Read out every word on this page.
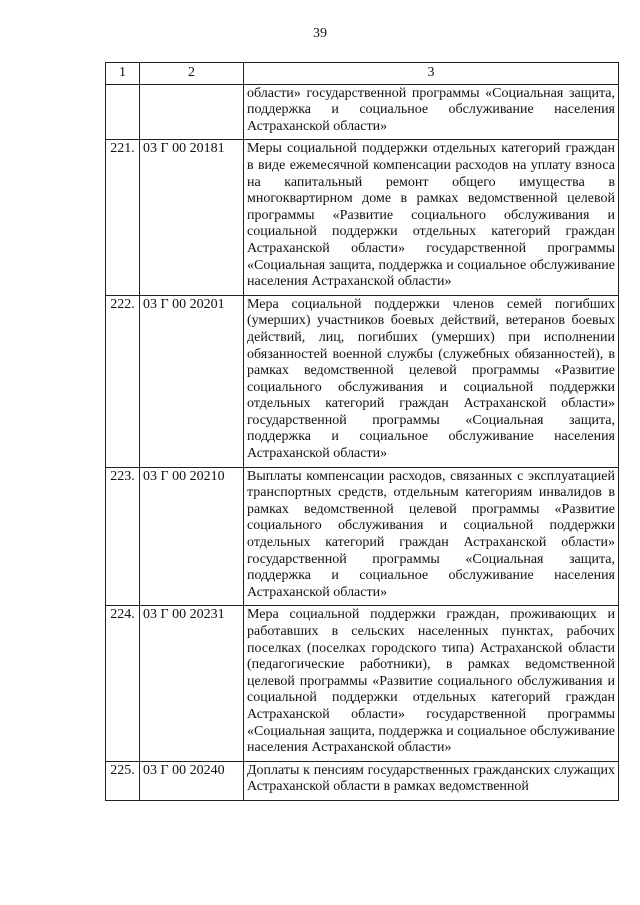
39
1	2	3
		области» государственной программы «Социальная защита, поддержка и социальное обслуживание населения Астраханской области»
221.	03 Г 00 20181	Меры социальной поддержки отдельных категорий граждан в виде ежемесячной компенсации расходов на уплату взноса на капитальный ремонт общего имущества в многоквартирном доме в рамках ведомственной целевой программы «Развитие социального обслуживания и социальной поддержки отдельных категорий граждан Астраханской области» государственной программы «Социальная защита, поддержка и социальное обслуживание населения Астраханской области»
222.	03 Г 00 20201	Мера социальной поддержки членов семей погибших (умерших) участников боевых действий, ветеранов боевых действий, лиц, погибших (умерших) при исполнении обязанностей военной службы (служебных обязанностей), в рамках ведомственной целевой программы «Развитие социального обслуживания и социальной поддержки отдельных категорий граждан Астраханской области» государственной программы «Социальная защита, поддержка и социальное обслуживание населения Астраханской области»
223.	03 Г 00 20210	Выплаты компенсации расходов, связанных с эксплуатацией транспортных средств, отдельным категориям инвалидов в рамках ведомственной целевой программы «Развитие социального обслуживания и социальной поддержки отдельных категорий граждан Астраханской области» государственной программы «Социальная защита, поддержка и социальное обслуживание населения Астраханской области»
224.	03 Г 00 20231	Мера социальной поддержки граждан, проживающих и работавших в сельских населенных пунктах, рабочих поселках (поселках городского типа) Астраханской области (педагогические работники), в рамках ведомственной целевой программы «Развитие социального обслуживания и социальной поддержки отдельных категорий граждан Астраханской области» государственной программы «Социальная защита, поддержка и социальное обслуживание населения Астраханской области»
225.	03 Г 00 20240	Доплаты к пенсиям государственных гражданских служащих Астраханской области в рамках ведомственной
